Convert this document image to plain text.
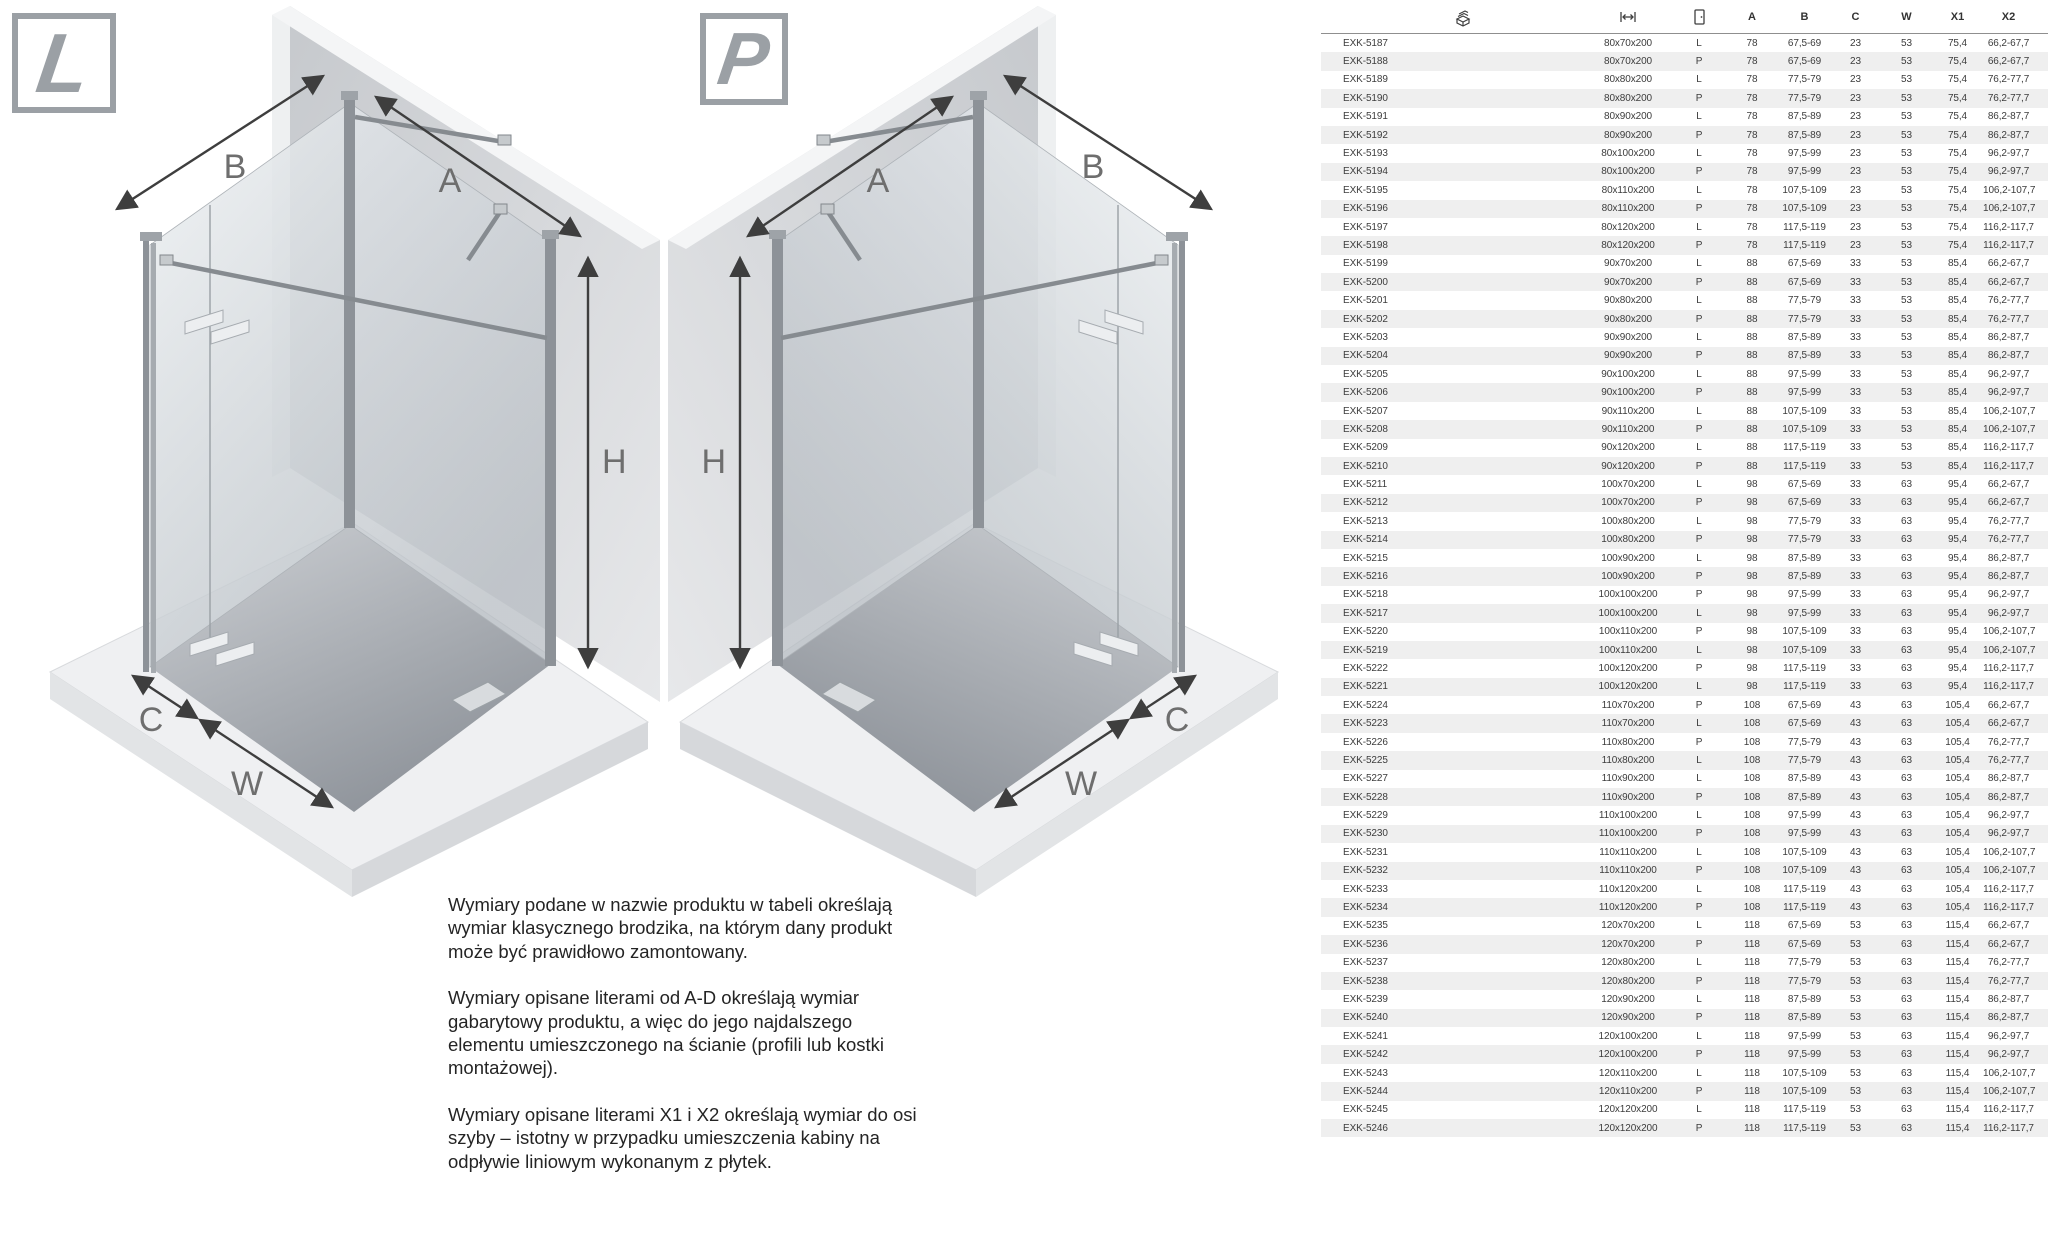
B	A
H
C
W
B
A
H
C
W
L	P

Wymiary podane w nazwie produktu w tabeli określają wymiar klasycznego brodzika, na którym dany produkt może być prawidłowo zamontowany.

Wymiary opisane literami od A-D określają wymiar gabarytowy produktu, a więc do jego najdalszego elementu umieszczonego na ścianie (profili lub kostki montażowej).

Wymiary opisane literami X1 i X2 określają wymiar do osi szyby – istotny w przypadku umieszczenia kabiny na odpływie liniowym wykonanym z płytek.

A	B	C	W	X1	X2
EXK-5187	80x70x200	L	78	67,5-69	23	53	75,4	66,2-67,7
EXK-5188	80x70x200	P	78	67,5-69	23	53	75,4	66,2-67,7
EXK-5189	80x80x200	L	78	77,5-79	23	53	75,4	76,2-77,7
EXK-5190	80x80x200	P	78	77,5-79	23	53	75,4	76,2-77,7
EXK-5191	80x90x200	L	78	87,5-89	23	53	75,4	86,2-87,7
EXK-5192	80x90x200	P	78	87,5-89	23	53	75,4	86,2-87,7
EXK-5193	80x100x200	L	78	97,5-99	23	53	75,4	96,2-97,7
EXK-5194	80x100x200	P	78	97,5-99	23	53	75,4	96,2-97,7
EXK-5195	80x110x200	L	78	107,5-109	23	53	75,4	106,2-107,7
EXK-5196	80x110x200	P	78	107,5-109	23	53	75,4	106,2-107,7
EXK-5197	80x120x200	L	78	117,5-119	23	53	75,4	116,2-117,7
EXK-5198	80x120x200	P	78	117,5-119	23	53	75,4	116,2-117,7
EXK-5199	90x70x200	L	88	67,5-69	33	53	85,4	66,2-67,7
EXK-5200	90x70x200	P	88	67,5-69	33	53	85,4	66,2-67,7
EXK-5201	90x80x200	L	88	77,5-79	33	53	85,4	76,2-77,7
EXK-5202	90x80x200	P	88	77,5-79	33	53	85,4	76,2-77,7
EXK-5203	90x90x200	L	88	87,5-89	33	53	85,4	86,2-87,7
EXK-5204	90x90x200	P	88	87,5-89	33	53	85,4	86,2-87,7
EXK-5205	90x100x200	L	88	97,5-99	33	53	85,4	96,2-97,7
EXK-5206	90x100x200	P	88	97,5-99	33	53	85,4	96,2-97,7
EXK-5207	90x110x200	L	88	107,5-109	33	53	85,4	106,2-107,7
EXK-5208	90x110x200	P	88	107,5-109	33	53	85,4	106,2-107,7
EXK-5209	90x120x200	L	88	117,5-119	33	53	85,4	116,2-117,7
EXK-5210	90x120x200	P	88	117,5-119	33	53	85,4	116,2-117,7
EXK-5211	100x70x200	L	98	67,5-69	33	63	95,4	66,2-67,7
EXK-5212	100x70x200	P	98	67,5-69	33	63	95,4	66,2-67,7
EXK-5213	100x80x200	L	98	77,5-79	33	63	95,4	76,2-77,7
EXK-5214	100x80x200	P	98	77,5-79	33	63	95,4	76,2-77,7
EXK-5215	100x90x200	L	98	87,5-89	33	63	95,4	86,2-87,7
EXK-5216	100x90x200	P	98	87,5-89	33	63	95,4	86,2-87,7
EXK-5218	100x100x200	P	98	97,5-99	33	63	95,4	96,2-97,7
EXK-5217	100x100x200	L	98	97,5-99	33	63	95,4	96,2-97,7
EXK-5220	100x110x200	P	98	107,5-109	33	63	95,4	106,2-107,7
EXK-5219	100x110x200	L	98	107,5-109	33	63	95,4	106,2-107,7
EXK-5222	100x120x200	P	98	117,5-119	33	63	95,4	116,2-117,7
EXK-5221	100x120x200	L	98	117,5-119	33	63	95,4	116,2-117,7
EXK-5224	110x70x200	P	108	67,5-69	43	63	105,4	66,2-67,7
EXK-5223	110x70x200	L	108	67,5-69	43	63	105,4	66,2-67,7
EXK-5226	110x80x200	P	108	77,5-79	43	63	105,4	76,2-77,7
EXK-5225	110x80x200	L	108	77,5-79	43	63	105,4	76,2-77,7
EXK-5227	110x90x200	L	108	87,5-89	43	63	105,4	86,2-87,7
EXK-5228	110x90x200	P	108	87,5-89	43	63	105,4	86,2-87,7
EXK-5229	110x100x200	L	108	97,5-99	43	63	105,4	96,2-97,7
EXK-5230	110x100x200	P	108	97,5-99	43	63	105,4	96,2-97,7
EXK-5231	110x110x200	L	108	107,5-109	43	63	105,4	106,2-107,7
EXK-5232	110x110x200	P	108	107,5-109	43	63	105,4	106,2-107,7
EXK-5233	110x120x200	L	108	117,5-119	43	63	105,4	116,2-117,7
EXK-5234	110x120x200	P	108	117,5-119	43	63	105,4	116,2-117,7
EXK-5235	120x70x200	L	118	67,5-69	53	63	115,4	66,2-67,7
EXK-5236	120x70x200	P	118	67,5-69	53	63	115,4	66,2-67,7
EXK-5237	120x80x200	L	118	77,5-79	53	63	115,4	76,2-77,7
EXK-5238	120x80x200	P	118	77,5-79	53	63	115,4	76,2-77,7
EXK-5239	120x90x200	L	118	87,5-89	53	63	115,4	86,2-87,7
EXK-5240	120x90x200	P	118	87,5-89	53	63	115,4	86,2-87,7
EXK-5241	120x100x200	L	118	97,5-99	53	63	115,4	96,2-97,7
EXK-5242	120x100x200	P	118	97,5-99	53	63	115,4	96,2-97,7
EXK-5243	120x110x200	L	118	107,5-109	53	63	115,4	106,2-107,7
EXK-5244	120x110x200	P	118	107,5-109	53	63	115,4	106,2-107,7
EXK-5245	120x120x200	L	118	117,5-119	53	63	115,4	116,2-117,7
EXK-5246	120x120x200	P	118	117,5-119	53	63	115,4	116,2-117,7
